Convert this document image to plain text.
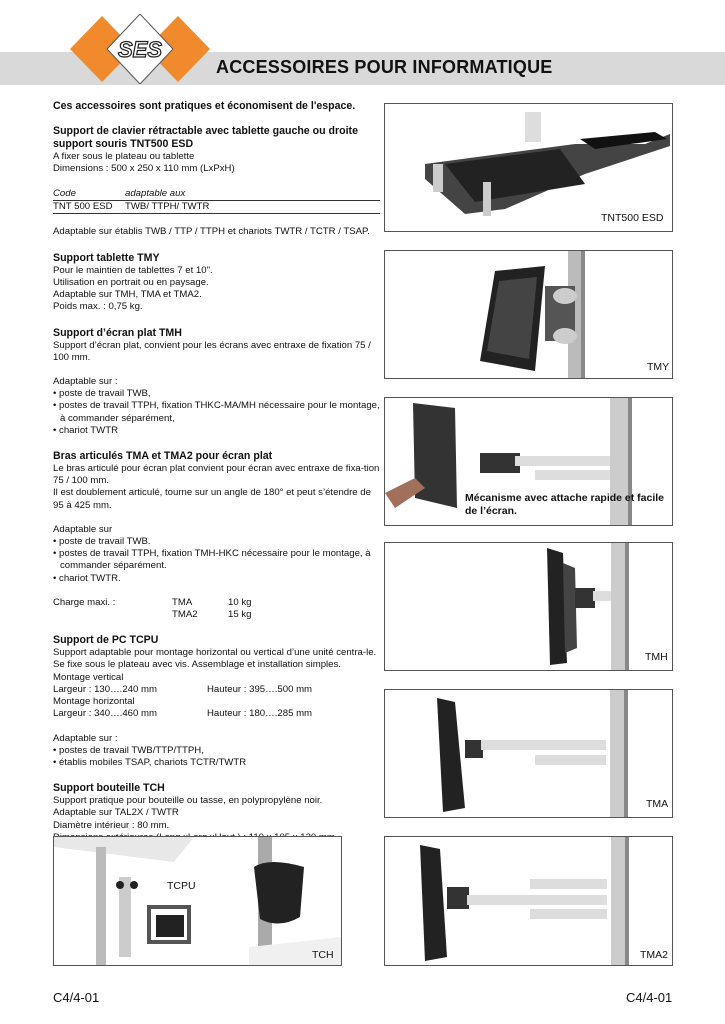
SES
ACCESSOIRES POUR INFORMATIQUE

Ces accessoires sont pratiques et économisent de l'espace.

Support de clavier rétractable avec tablette gauche ou droite support souris TNT500 ESD

A fixer sous le plateau ou tablette

Dimensions : 500 x 250 x 110 mm (LxPxH)

Code	adaptable aux
TNT 500 ESD	TWB/ TTPH/ TWTR

Adaptable sur établis TWB / TTP / TTPH et chariots TWTR / TCTR / TSAP.

Support tablette TMY

Pour le maintien de tablettes 7 et 10".

Utilisation en portrait ou en paysage.

Adaptable sur TMH, TMA et TMA2.

Poids max. : 0,75 kg.

Support d’écran plat TMH

Support d’écran plat, convient pour les écrans avec entraxe de fixation 75 / 100 mm.

Adaptable sur :

• poste de travail TWB,

• postes de travail TTPH, fixation THKC-MA/MH nécessaire pour le montage, à commander séparément,

• chariot TWTR

Bras articulés TMA et TMA2 pour écran plat

Le bras articulé pour écran plat convient pour écran avec entraxe de fixa-tion 75 / 100 mm.

Il est doublement articulé, tourne sur un angle de 180° et peut s’étendre de 95 à 425 mm.

Adaptable sur

• poste de travail TWB.

• postes de travail TTPH, fixation TMH-HKC nécessaire pour le montage, à commander séparément.

• chariot TWTR.

Charge maxi. :	TMA	10 kg
TMA2	15 kg

Support de PC TCPU

Support adaptable pour montage horizontal ou vertical d’une unité centra-le.

Se fixe sous le plateau avec vis. Assemblage et installation simples.

Montage vertical

Largeur : 130….240 mm	Hauteur : 395….500 mm

Montage horizontal

Largeur : 340….460 mm	Hauteur : 180….285 mm

Adaptable sur :

• postes de travail TWB/TTP/TTPH,

• établis mobiles TSAP, chariots TCTR/TWTR

Support bouteille TCH

Support pratique pour bouteille ou tasse, en polypropylène noir.

Adaptable sur TAL2X / TWTR

Diamètre intérieur : 80 mm.

TNT500 ESD
TMY
Mécanisme avec attache rapide et facile de l’écran.
TMH
TMA
TMA2
TCPU
TCH
C4/4-01	C4/4-01
